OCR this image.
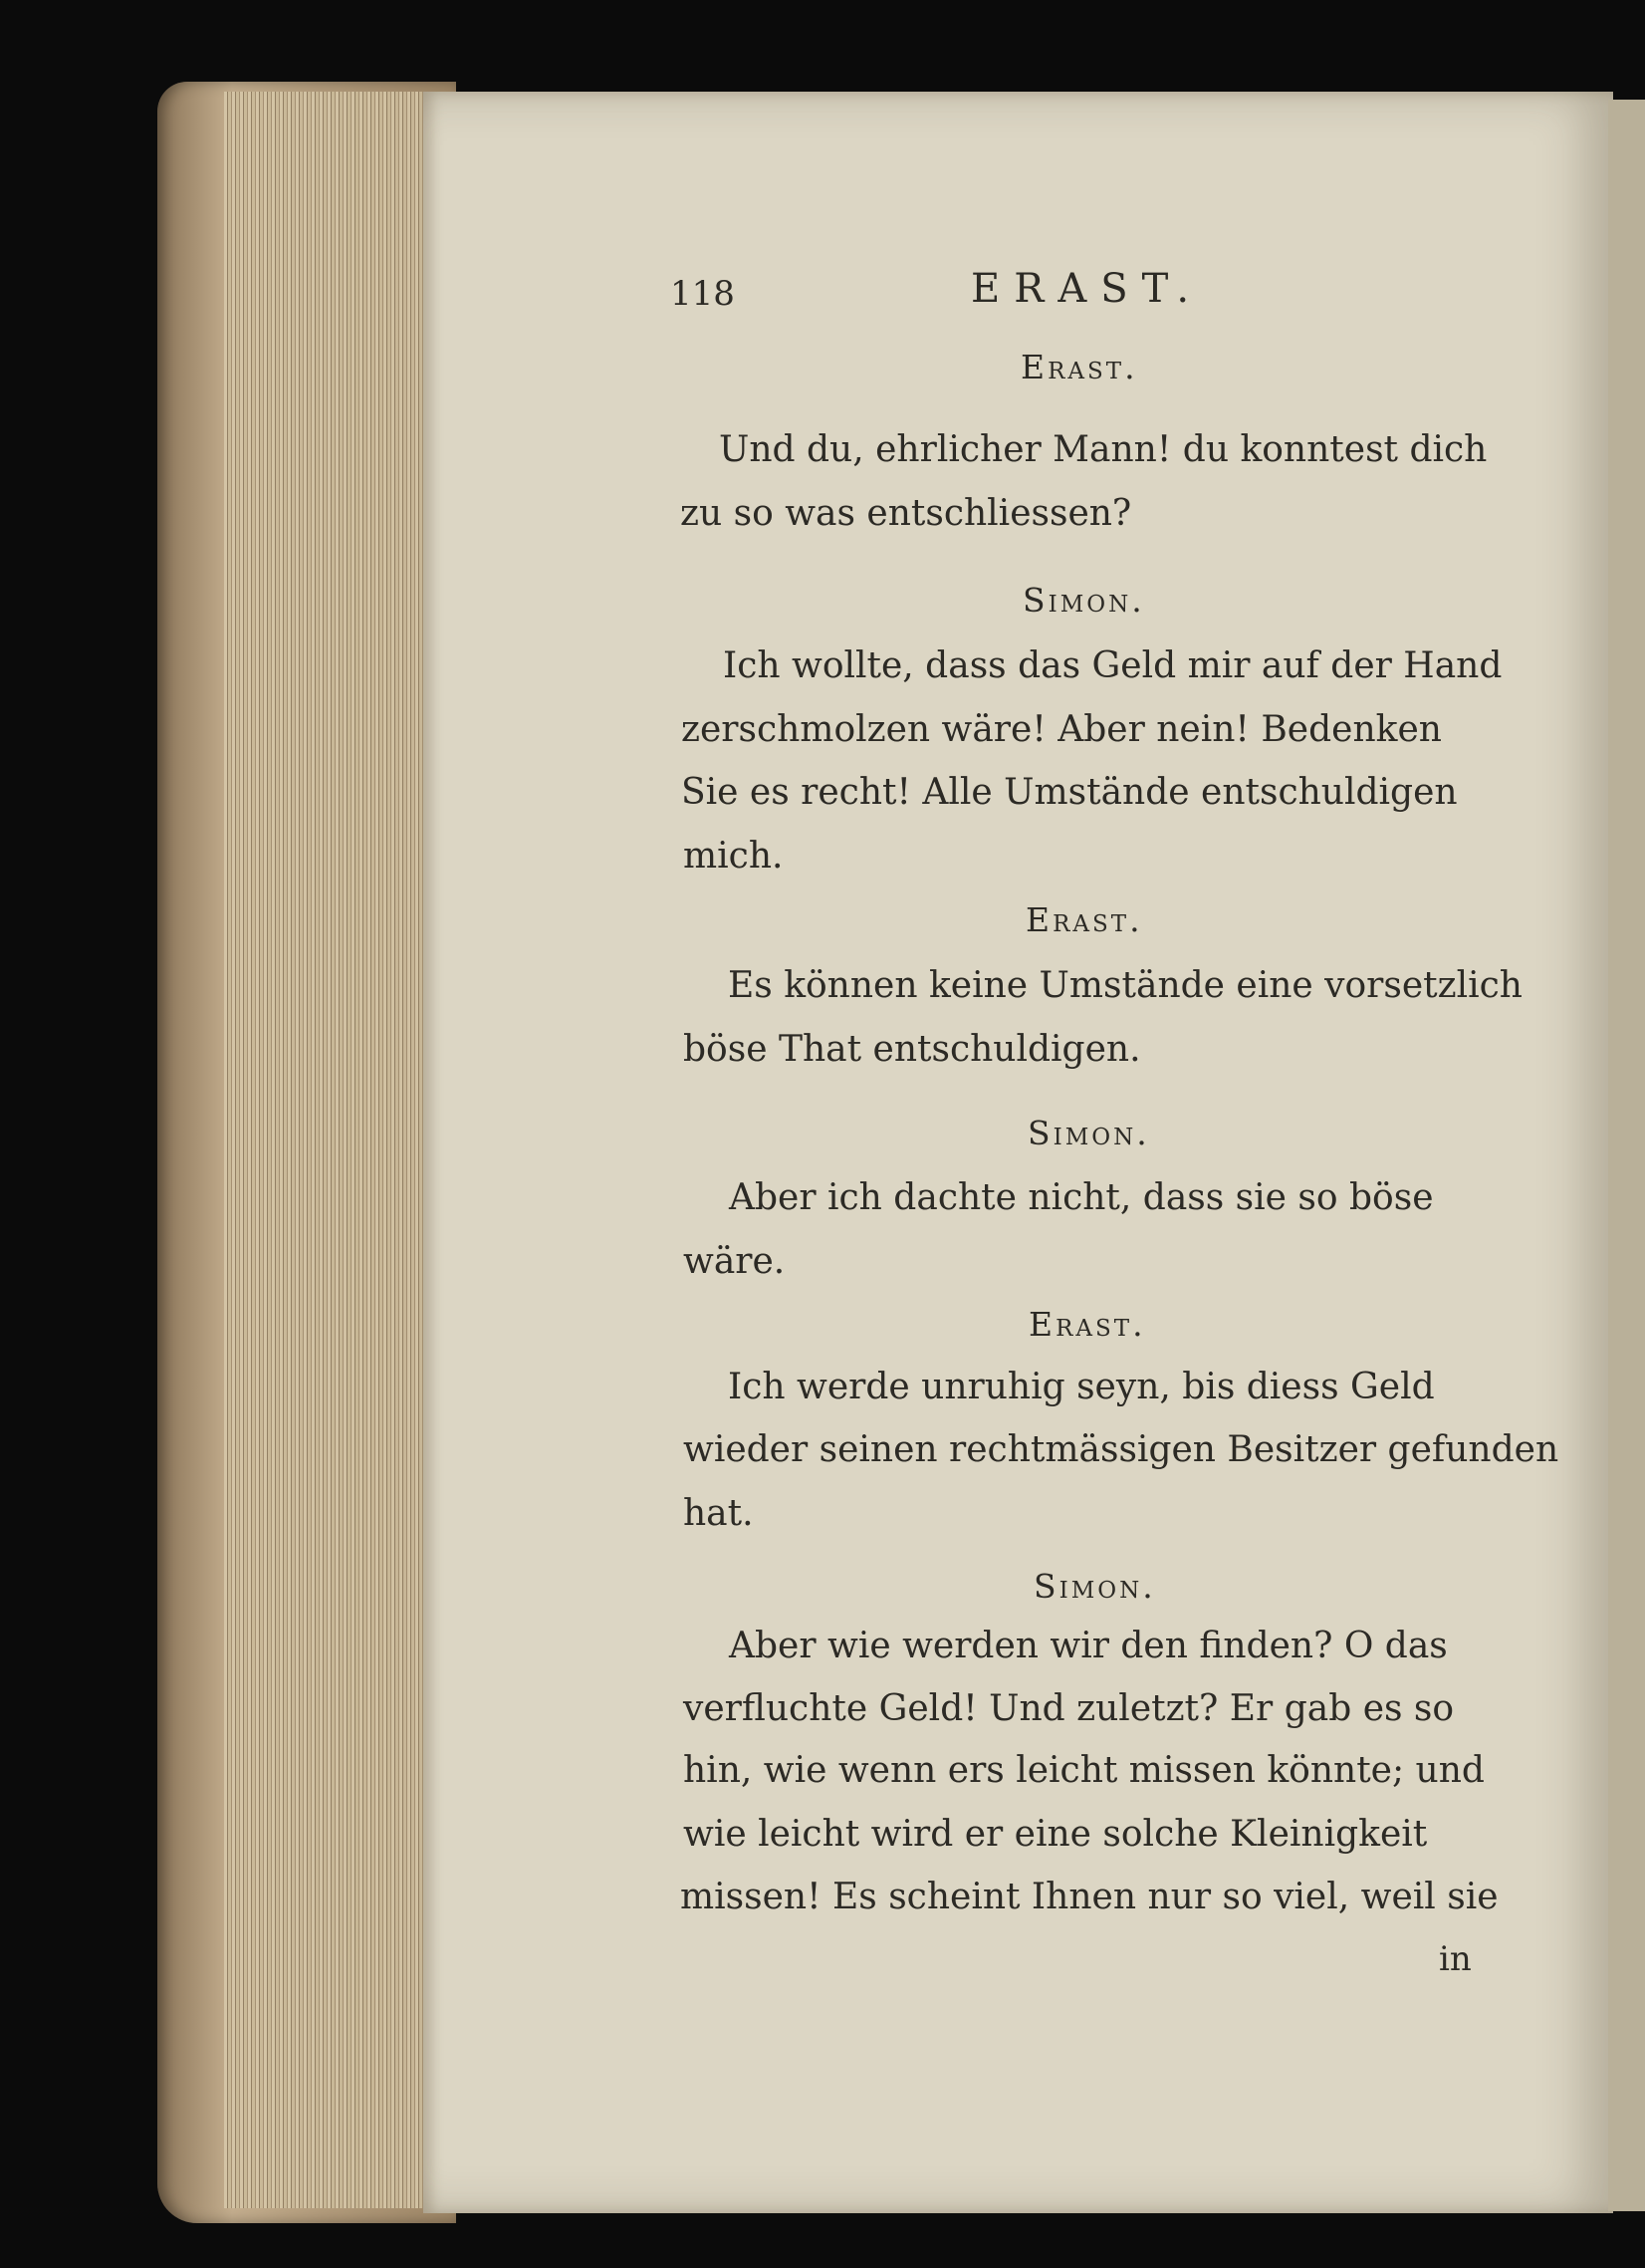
118	ERAST.
Erast.
Und du, ehrlicher Mann! du konntest dich
zu so was entschliessen?
Simon.
Ich wollte, dass das Geld mir auf der Hand
zerschmolzen wäre! Aber nein! Bedenken
Sie es recht! Alle Umstände entschuldigen
mich.
Erast.
Es können keine Umstände eine vorsetzlich
böse That entschuldigen.
Simon.
Aber ich dachte nicht, dass sie so böse
wäre.
Erast.
Ich werde unruhig seyn, bis diess Geld
wieder seinen rechtmässigen Besitzer gefunden
hat.
Simon.
Aber wie werden wir den finden? O das
verfluchte Geld! Und zuletzt? Er gab es so
hin, wie wenn ers leicht missen könnte; und
wie leicht wird er eine solche Kleinigkeit
missen! Es scheint Ihnen nur so viel, weil sie
in
